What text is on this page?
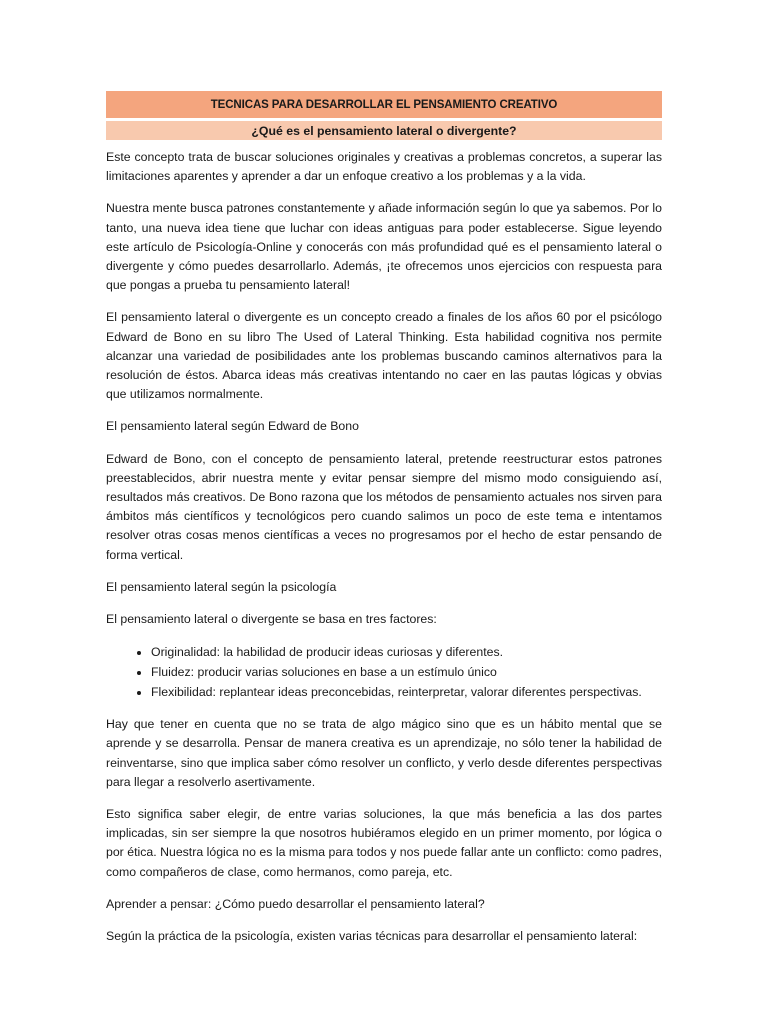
TECNICAS PARA DESARROLLAR EL PENSAMIENTO CREATIVO
¿Qué es el pensamiento lateral o divergente?

Este concepto trata de buscar soluciones originales y creativas a problemas concretos, a superar las limitaciones aparentes y aprender a dar un enfoque creativo a los problemas y a la vida.

Nuestra mente busca patrones constantemente y añade información según lo que ya sabemos. Por lo tanto, una nueva idea tiene que luchar con ideas antiguas para poder establecerse. Sigue leyendo este artículo de Psicología-Online y conocerás con más profundidad qué es el pensamiento lateral o divergente y cómo puedes desarrollarlo. Además, ¡te ofrecemos unos ejercicios con respuesta para que pongas a prueba tu pensamiento lateral!

El pensamiento lateral o divergente es un concepto creado a finales de los años 60 por el psicólogo Edward de Bono en su libro The Used of Lateral Thinking. Esta habilidad cognitiva nos permite alcanzar una variedad de posibilidades ante los problemas buscando caminos alternativos para la resolución de éstos. Abarca ideas más creativas intentando no caer en las pautas lógicas y obvias que utilizamos normalmente.

El pensamiento lateral según Edward de Bono

Edward de Bono, con el concepto de pensamiento lateral, pretende reestructurar estos patrones preestablecidos, abrir nuestra mente y evitar pensar siempre del mismo modo consiguiendo así, resultados más creativos. De Bono razona que los métodos de pensamiento actuales nos sirven para ámbitos más científicos y tecnológicos pero cuando salimos un poco de este tema e intentamos resolver otras cosas menos científicas a veces no progresamos por el hecho de estar pensando de forma vertical.

El pensamiento lateral según la psicología

El pensamiento lateral o divergente se basa en tres factores:

• Originalidad: la habilidad de producir ideas curiosas y diferentes.
• Fluidez: producir varias soluciones en base a un estímulo único
• Flexibilidad: replantear ideas preconcebidas, reinterpretar, valorar diferentes perspectivas.

Hay que tener en cuenta que no se trata de algo mágico sino que es un hábito mental que se aprende y se desarrolla. Pensar de manera creativa es un aprendizaje, no sólo tener la habilidad de reinventarse, sino que implica saber cómo resolver un conflicto, y verlo desde diferentes perspectivas para llegar a resolverlo asertivamente.

Esto significa saber elegir, de entre varias soluciones, la que más beneficia a las dos partes implicadas, sin ser siempre la que nosotros hubiéramos elegido en un primer momento, por lógica o por ética. Nuestra lógica no es la misma para todos y nos puede fallar ante un conflicto: como padres, como compañeros de clase, como hermanos, como pareja, etc.

Aprender a pensar: ¿Cómo puedo desarrollar el pensamiento lateral?

Según la práctica de la psicología, existen varias técnicas para desarrollar el pensamiento lateral:
